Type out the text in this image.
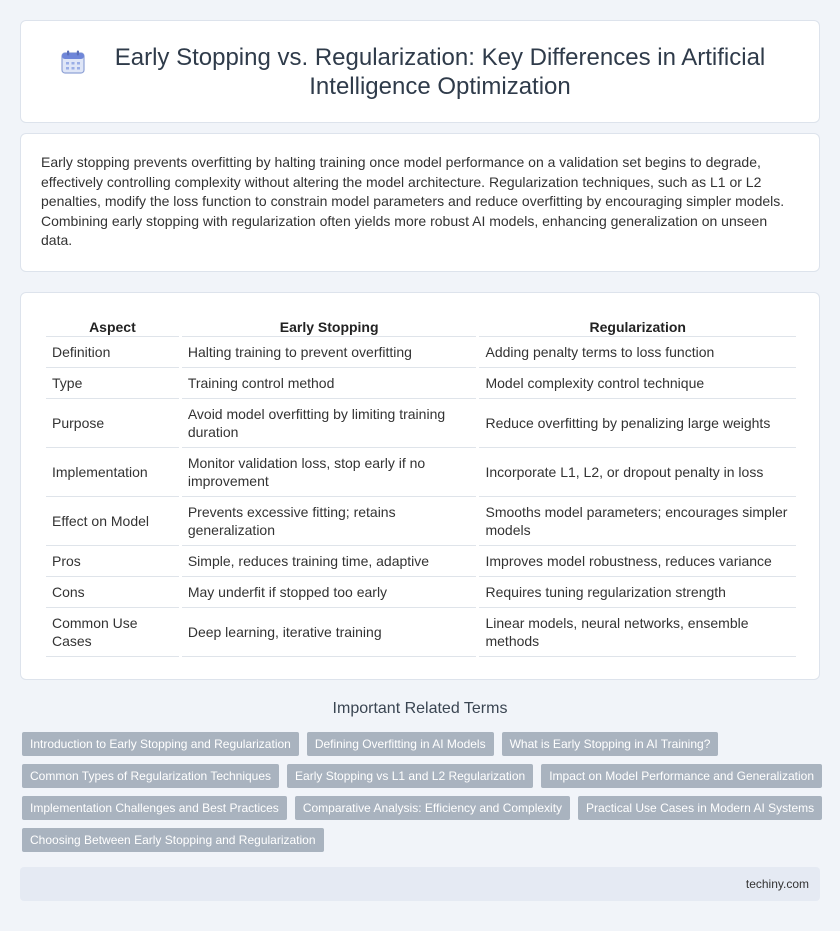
Early Stopping vs. Regularization: Key Differences in Artificial Intelligence Optimization

Early stopping prevents overfitting by halting training once model performance on a validation set begins to degrade, effectively controlling complexity without altering the model architecture. Regularization techniques, such as L1 or L2 penalties, modify the loss function to constrain model parameters and reduce overfitting by encouraging simpler models. Combining early stopping with regularization often yields more robust AI models, enhancing generalization on unseen data.

Aspect	Early Stopping	Regularization
Definition	Halting training to prevent overfitting	Adding penalty terms to loss function
Type	Training control method	Model complexity control technique
Purpose	Avoid model overfitting by limiting training duration	Reduce overfitting by penalizing large weights
Implementation	Monitor validation loss, stop early if no improvement	Incorporate L1, L2, or dropout penalty in loss
Effect on Model	Prevents excessive fitting; retains generalization	Smooths model parameters; encourages simpler models
Pros	Simple, reduces training time, adaptive	Improves model robustness, reduces variance
Cons	May underfit if stopped too early	Requires tuning regularization strength
Common Use Cases	Deep learning, iterative training	Linear models, neural networks, ensemble methods
Important Related Terms
Introduction to Early Stopping and Regularization	Defining Overfitting in AI Models	What is Early Stopping in AI Training?
Common Types of Regularization Techniques	Early Stopping vs L1 and L2 Regularization	Impact on Model Performance and Generalization
Implementation Challenges and Best Practices	Comparative Analysis: Efficiency and Complexity	Practical Use Cases in Modern AI Systems
Choosing Between Early Stopping and Regularization
techiny.com
